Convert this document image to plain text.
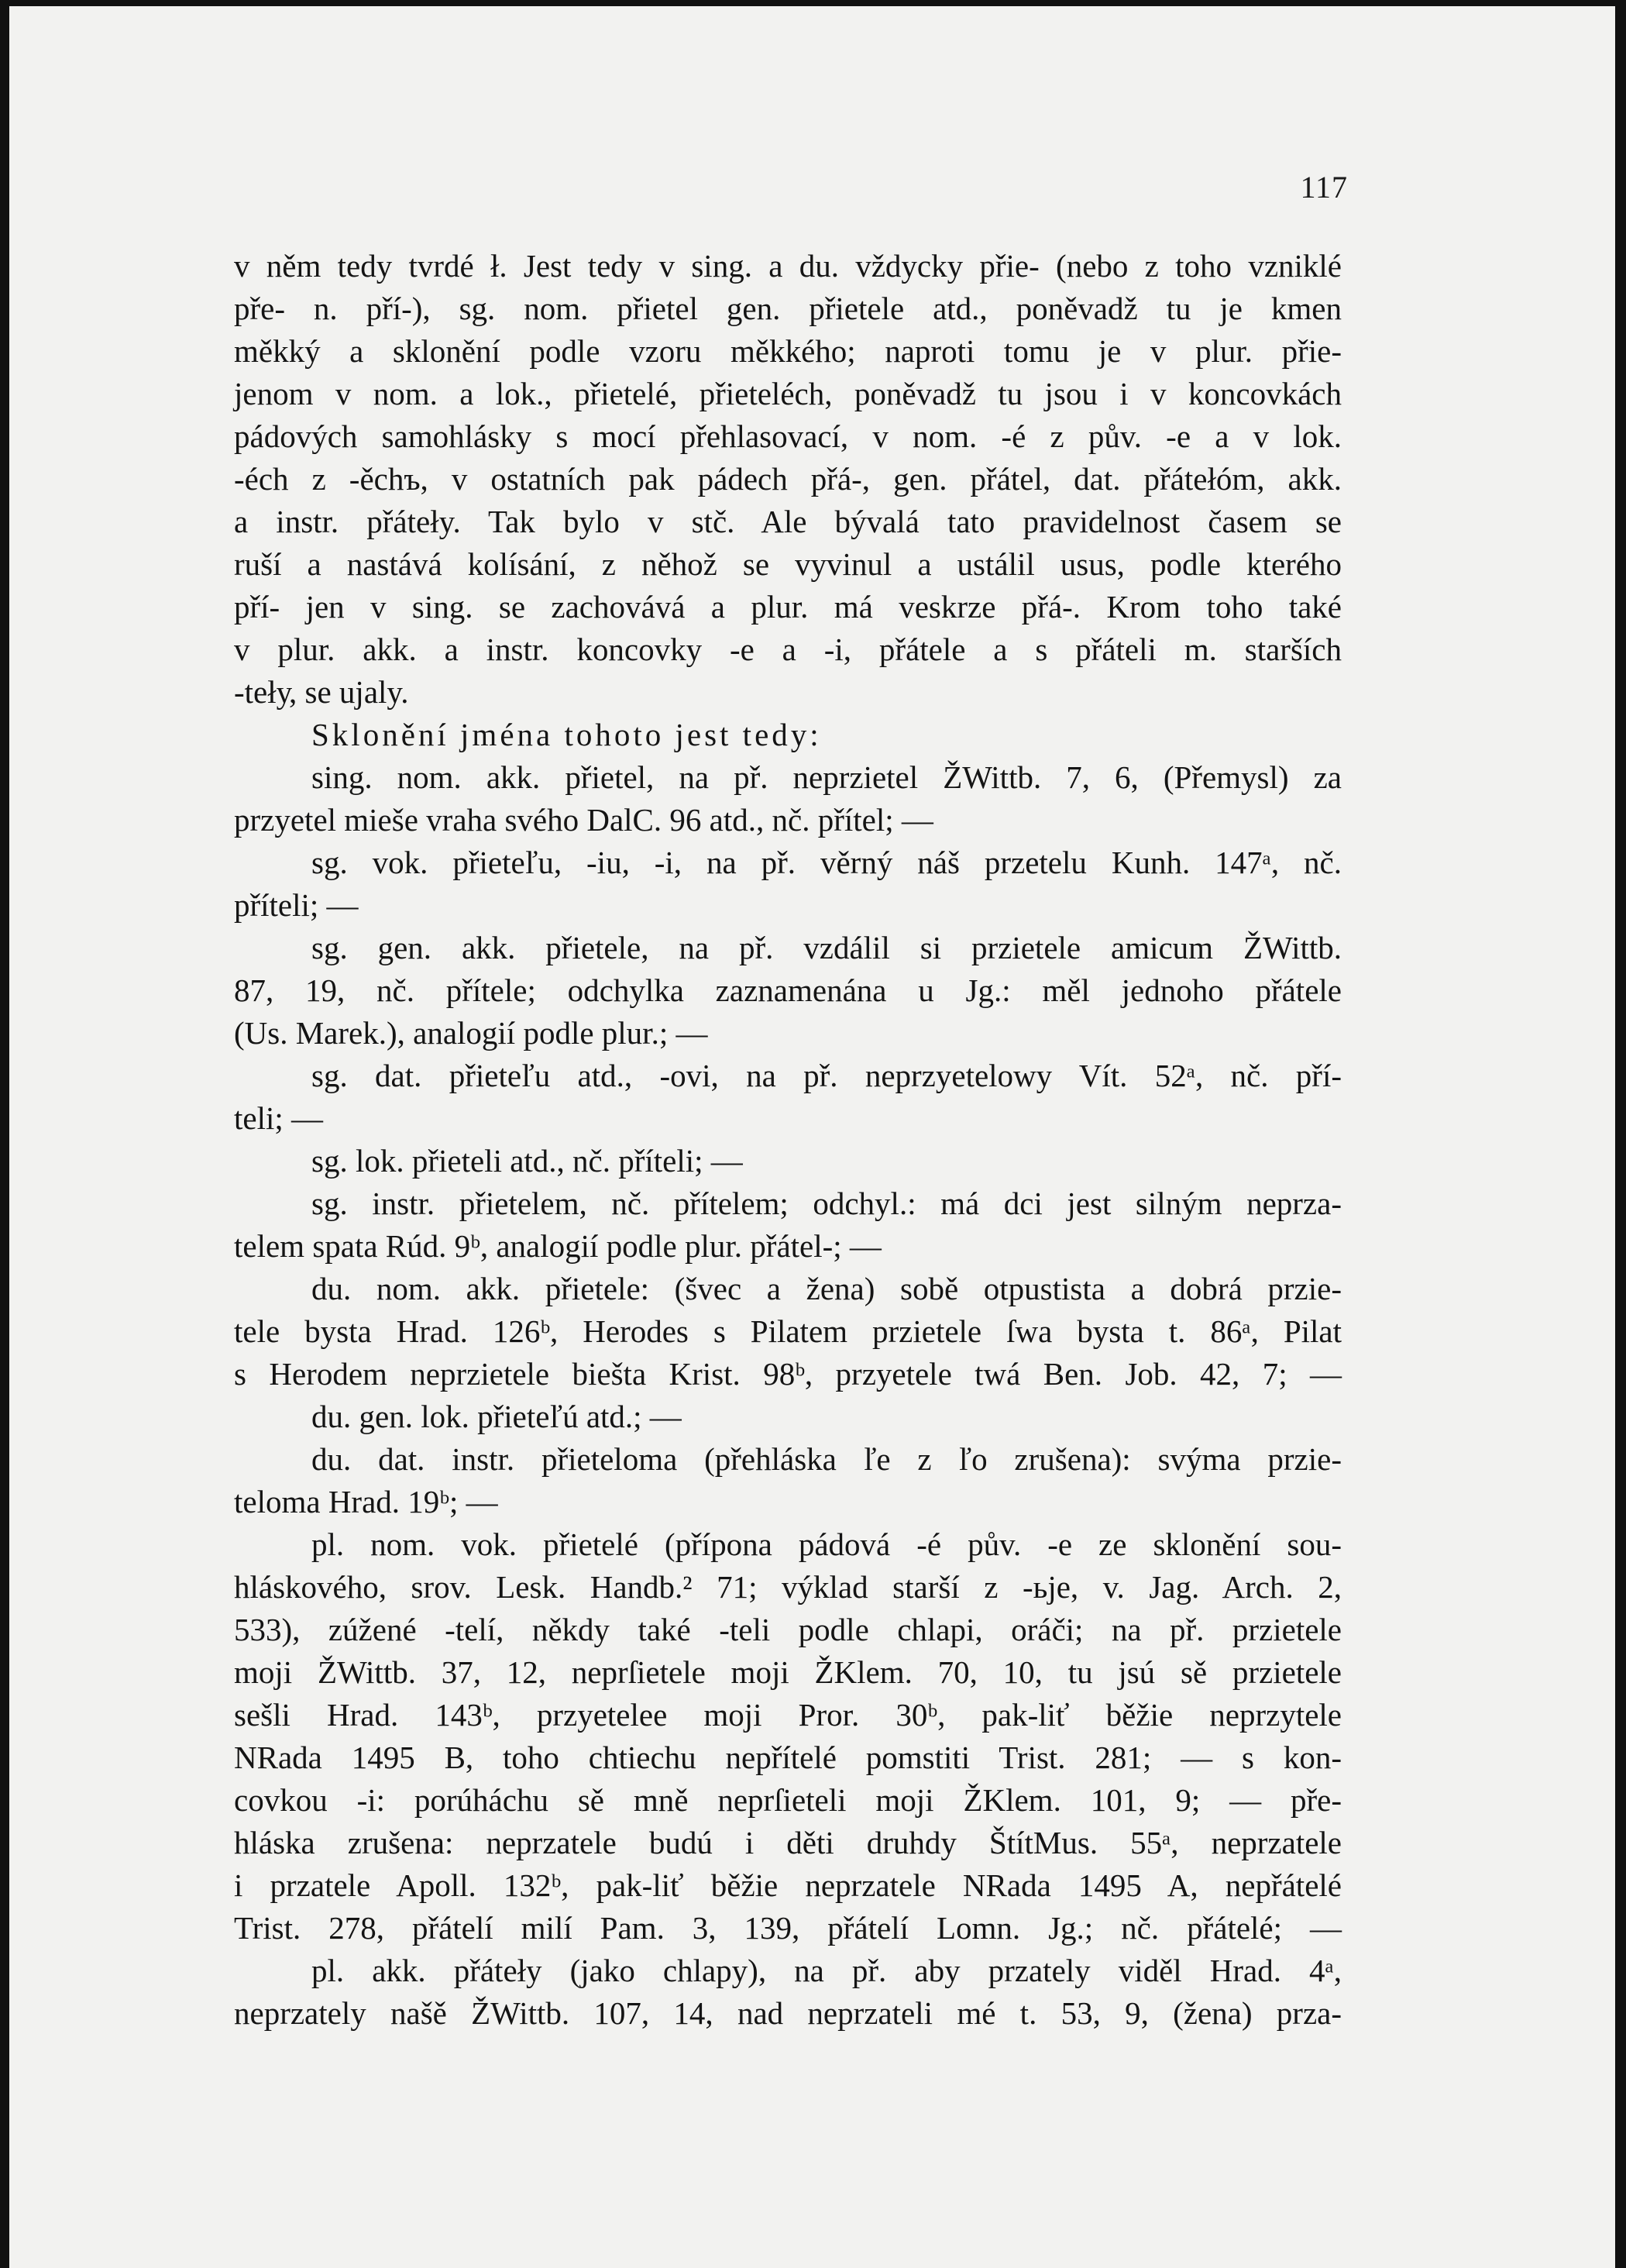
117
v něm tedy tvrdé ł. Jest tedy v sing. a du. vždycky přie- (nebo z toho vzniklé
pře- n. pří-), sg. nom. přietel gen. přietele atd., poněvadž tu je kmen
měkký a sklonění podle vzoru měkkého; naproti tomu je v plur. přie-
jenom v nom. a lok., přietelé, přieteléch, poněvadž tu jsou i v koncovkách
pádových samohlásky s mocí přehlasovací, v nom. -é z pův. -e a v lok.
-éch z -ěchъ, v ostatních pak pádech přá-, gen. přátel, dat. přátełóm, akk.
a instr. přáteły. Tak bylo v stč. Ale bývalá tato pravidelnost časem se
ruší a nastává kolísání, z něhož se vyvinul a ustálil usus, podle kterého
pří- jen v sing. se zachovává a plur. má veskrze přá-. Krom toho také
v plur. akk. a instr. koncovky -e a -i, přátele a s přáteli m. starších
-tełу, se ujaly.
Sklonění jména tohoto jest tedy:
sing. nom. akk. přietel, na př. neprzietel ŽWittb. 7, 6, (Přemysl) za
przyetel mieše vraha svého DalC. 96 atd., nč. přítel; —
sg. vok. přieteľu, -iu, -i, na př. věrný náš przetelu Kunh. 147ᵃ, nč.
příteli; —
sg. gen. akk. přietele, na př. vzdálil si przietele amicum ŽWittb.
87, 19, nč. přítele; odchylka zaznamenána u Jg.: měl jednoho přátele
(Us. Marek.), analogií podle plur.; —
sg. dat. přieteľu atd., -ovi, na př. neprzyetelowy Vít. 52ᵃ, nč. pří-
teli; —
sg. lok. přieteli atd., nč. příteli; —
sg. instr. přietelem, nč. přítelem; odchyl.: má dci jest silným neprza-
telem spata Rúd. 9ᵇ, analogií podle plur. přátel-; —
du. nom. akk. přietele: (švec a žena) sobě otpustista a dobrá przie-
tele bysta Hrad. 126ᵇ, Herodes s Pilatem przietele ſwa bysta t. 86ᵃ, Pilat
s Herodem neprzietele biešta Krist. 98ᵇ, przyetele twá Ben. Job. 42, 7; —
du. gen. lok. přieteľú atd.; —
du. dat. instr. přieteloma (přehláska ľe z ľo zrušena): svýma przie-
teloma Hrad. 19ᵇ; —
pl. nom. vok. přietelé (přípona pádová -é pův. -e ze sklonění sou-
hláskového, srov. Lesk. Handb.² 71; výklad starší z -ьje, v. Jag. Arch. 2,
533), zúžené -telí, někdy také -teli podle chlapi, oráči; na př. przietele
moji ŽWittb. 37, 12, neprſietele moji ŽKlem. 70, 10, tu jsú sě przietele
sešli Hrad. 143ᵇ, przyetelee moji Pror. 30ᵇ, pak-liť běžie neprzytele
NRada 1495 B, toho chtiechu nepřítelé pomstiti Trist. 281; — s kon-
covkou -i: porúháchu sě mně neprſieteli moji ŽKlem. 101, 9; — pře-
hláska zrušena: neprzatele budú i děti druhdy ŠtítMus. 55ᵃ, neprzatele
i przatele Apoll. 132ᵇ, pak-liť běžie neprzatele NRada 1495 A, nepřátelé
Trist. 278, přátelí milí Pam. 3, 139, přátelí Lomn. Jg.; nč. přátelé; —
pl. akk. přáteły (jako chlapy), na př. aby przately viděl Hrad. 4ᵃ,
neprzately našě ŽWittb. 107, 14, nad neprzateli mé t. 53, 9, (žena) prza-
